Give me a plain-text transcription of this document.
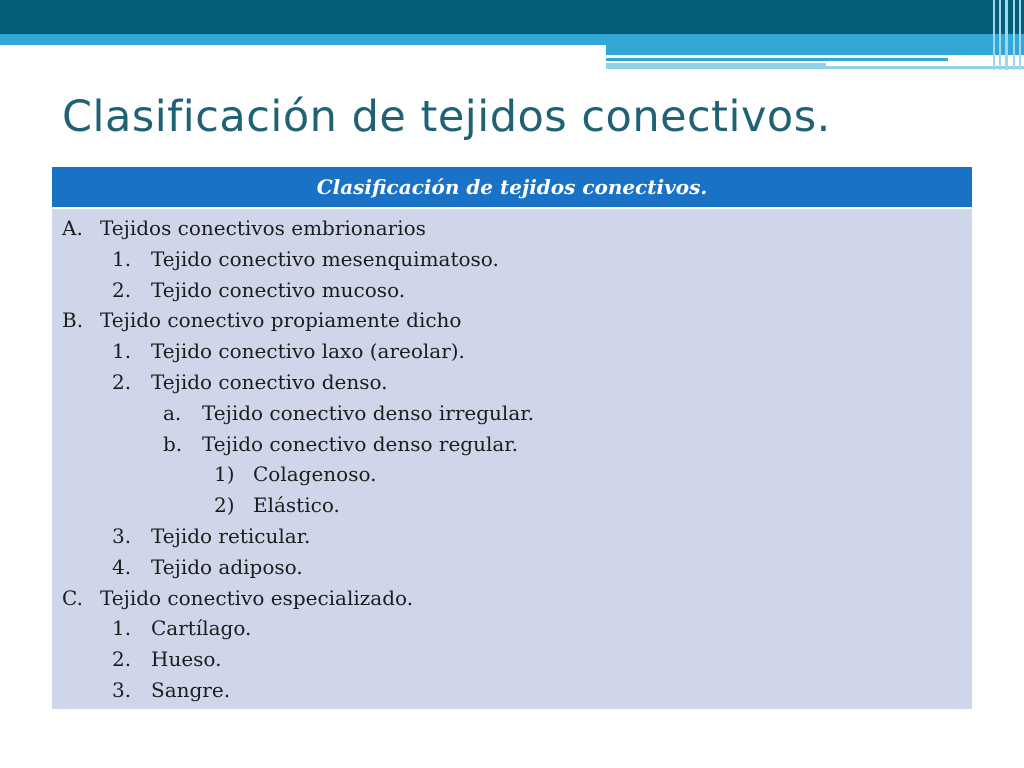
Clasificación de tejidos conectivos.
Clasificación de tejidos conectivos.
A. Tejidos conectivos embrionarios
1. Tejido conectivo mesenquimatoso.
2. Tejido conectivo mucoso.
B. Tejido conectivo propiamente dicho
1. Tejido conectivo laxo (areolar).
2. Tejido conectivo denso.
a. Tejido conectivo denso irregular.
b. Tejido conectivo denso regular.
1) Colagenoso.
2) Elástico.
3. Tejido reticular.
4. Tejido adiposo.
C. Tejido conectivo especializado.
1. Cartílago.
2. Hueso.
3. Sangre.
